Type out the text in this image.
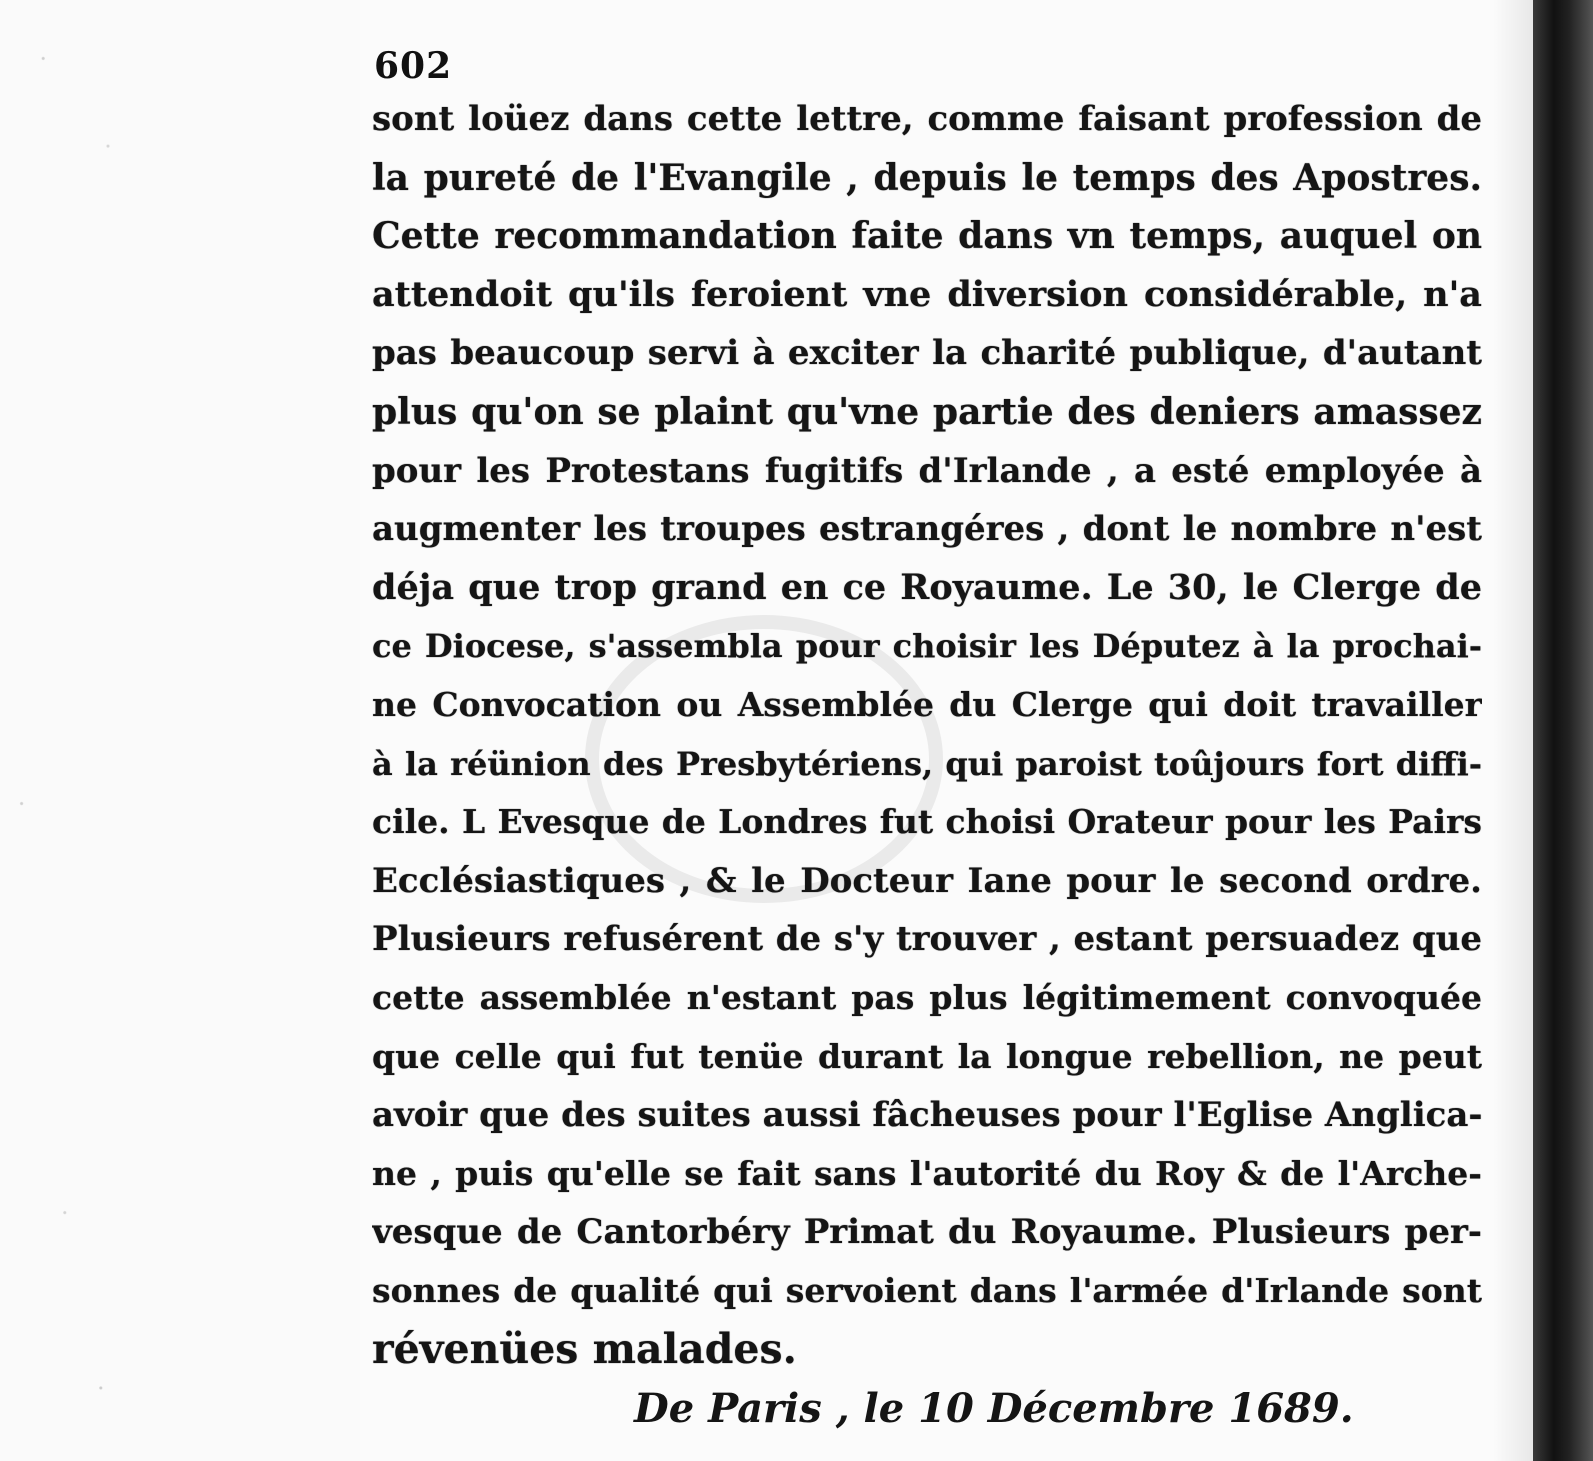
602
sont loüez dans cette lettre, comme faisant profession de
la pureté de l'Evangile , depuis le temps des Apostres.
Cette recommandation faite dans vn temps, auquel on
attendoit qu'ils feroient vne diversion considérable, n'a
pas beaucoup servi à exciter la charité publique, d'autant
plus qu'on se plaint qu'vne partie des deniers amassez
pour les Protestans fugitifs d'Irlande , a esté employée à
augmenter les troupes estrangéres , dont le nombre n'est
déja que trop grand en ce Royaume. Le 30, le Clerge de
ce Diocese, s'assembla pour choisir les Députez à la prochai-
ne Convocation ou Assemblée du Clerge qui doit travailler
à la réünion des Presbytériens, qui paroist toûjours fort diffi-
cile. L Evesque de Londres fut choisi Orateur pour les Pairs
Ecclésiastiques , & le Docteur Iane pour le second ordre.
Plusieurs refusérent de s'y trouver , estant persuadez que
cette assemblée n'estant pas plus légitimement convoquée
que celle qui fut tenüe durant la longue rebellion, ne peut
avoir que des suites aussi fâcheuses pour l'Eglise Anglica-
ne , puis qu'elle se fait sans l'autorité du Roy & de l'Arche-
vesque de Cantorbéry Primat du Royaume. Plusieurs per-
sonnes de qualité qui servoient dans l'armée d'Irlande sont
révenües malades.
De Paris , le 10 Décembre 1689.
